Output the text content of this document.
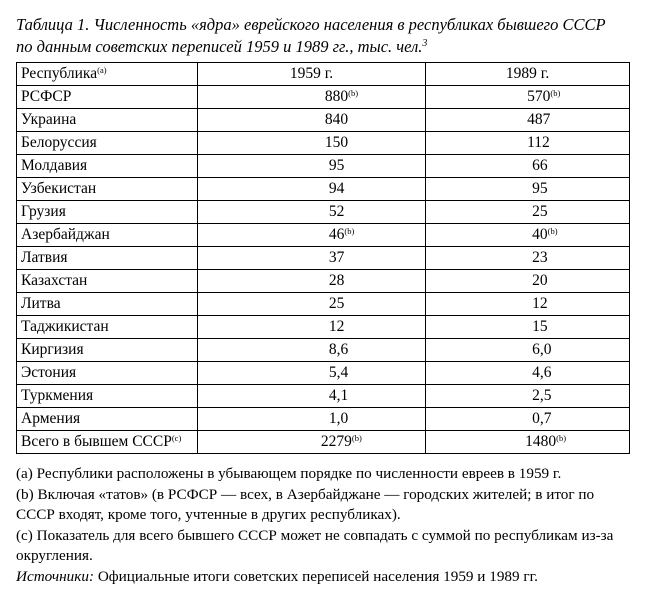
Таблица 1. Численность «ядра» еврейского населения в республиках бывшего СССР
по данным советских переписей 1959 и 1989 гг., тыс. чел.$^3$
Республика$^{(a)}$	1959 г.	1989 г.
РСФСР	880$^{(b)}$	570$^{(b)}$
Украина	840	487
Белоруссия	150	112
Молдавия	95	66
Узбекистан	94	95
Грузия	52	25
Азербайджан	46$^{(b)}$	40$^{(b)}$
Латвия	37	23
Казахстан	28	20
Литва	25	12
Таджикистан	12	15
Киргизия	8,6	6,0
Эстония	5,4	4,6
Туркмения	4,1	2,5
Армения	1,0	0,7
Всего в бывшем СССР$^{(c)}$	2279$^{(b)}$	1480$^{(b)}$

(a) Республики расположены в убывающем порядке по численности евреев в 1959 г.

(b) Включая «татов» (в РСФСР — всех, в Азербайджане — городских жителей; в итог по СССР входят, кроме того, учтенные в других республиках).

(c) Показатель для всего бывшего СССР может не совпадать с суммой по республикам из-за округления.

Источники: Официальные итоги советских переписей населения 1959 и 1989 гг.
